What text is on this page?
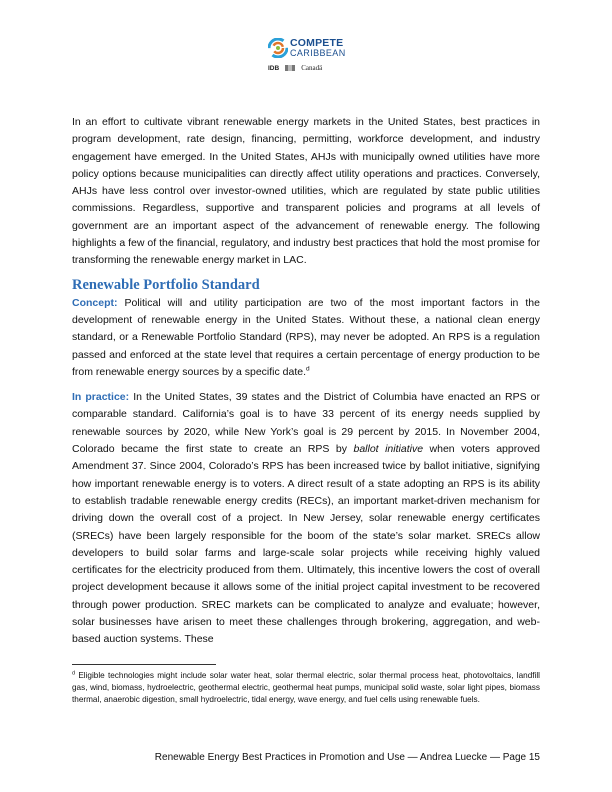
COMPETE
CARIBBEAN
IDB	Canadä

In an effort to cultivate vibrant renewable energy markets in the United States, best practices in program development, rate design, financing, permitting, workforce development, and industry engagement have emerged. In the United States, AHJs with municipally owned utilities have more policy options because municipalities can directly affect utility operations and practices. Conversely, AHJs have less control over investor-owned utilities, which are regulated by state public utilities commissions. Regardless, supportive and transparent policies and programs at all levels of government are an important aspect of the advancement of renewable energy. The following highlights a few of the financial, regulatory, and industry best practices that hold the most promise for transforming the renewable energy market in LAC.

Renewable Portfolio Standard

Concept: Political will and utility participation are two of the most important factors in the development of renewable energy in the United States. Without these, a national clean energy standard, or a Renewable Portfolio Standard (RPS), may never be adopted. An RPS is a regulation passed and enforced at the state level that requires a certain percentage of energy production to be from renewable energy sources by a specific date.$^d$

In practice: In the United States, 39 states and the District of Columbia have enacted an RPS or comparable standard. California’s goal is to have 33 percent of its energy needs supplied by renewable sources by 2020, while New York’s goal is 29 percent by 2015. In November 2004, Colorado became the first state to create an RPS by ballot initiative when voters approved Amendment 37. Since 2004, Colorado’s RPS has been increased twice by ballot initiative, signifying how important renewable energy is to voters. A direct result of a state adopting an RPS is its ability to establish tradable renewable energy credits (RECs), an important market-driven mechanism for driving down the overall cost of a project. In New Jersey, solar renewable energy certificates (SRECs) have been largely responsible for the boom of the state’s solar market. SRECs allow developers to build solar farms and large-scale solar projects while receiving highly valued certificates for the electricity produced from them. Ultimately, this incentive lowers the cost of overall project development because it allows some of the initial project capital investment to be recovered through power production. SREC markets can be complicated to analyze and evaluate; however, solar businesses have arisen to meet these challenges through brokering, aggregation, and web-based auction systems. These

$^d$ Eligible technologies might include solar water heat, solar thermal electric, solar thermal process heat, photovoltaics, landfill gas, wind, biomass, hydroelectric, geothermal electric, geothermal heat pumps, municipal solid waste, solar light pipes, biomass thermal, anaerobic digestion, small hydroelectric, tidal energy, wave energy, and fuel cells using renewable fuels.
Renewable Energy Best Practices in Promotion and Use — Andrea Luecke — Page 15
